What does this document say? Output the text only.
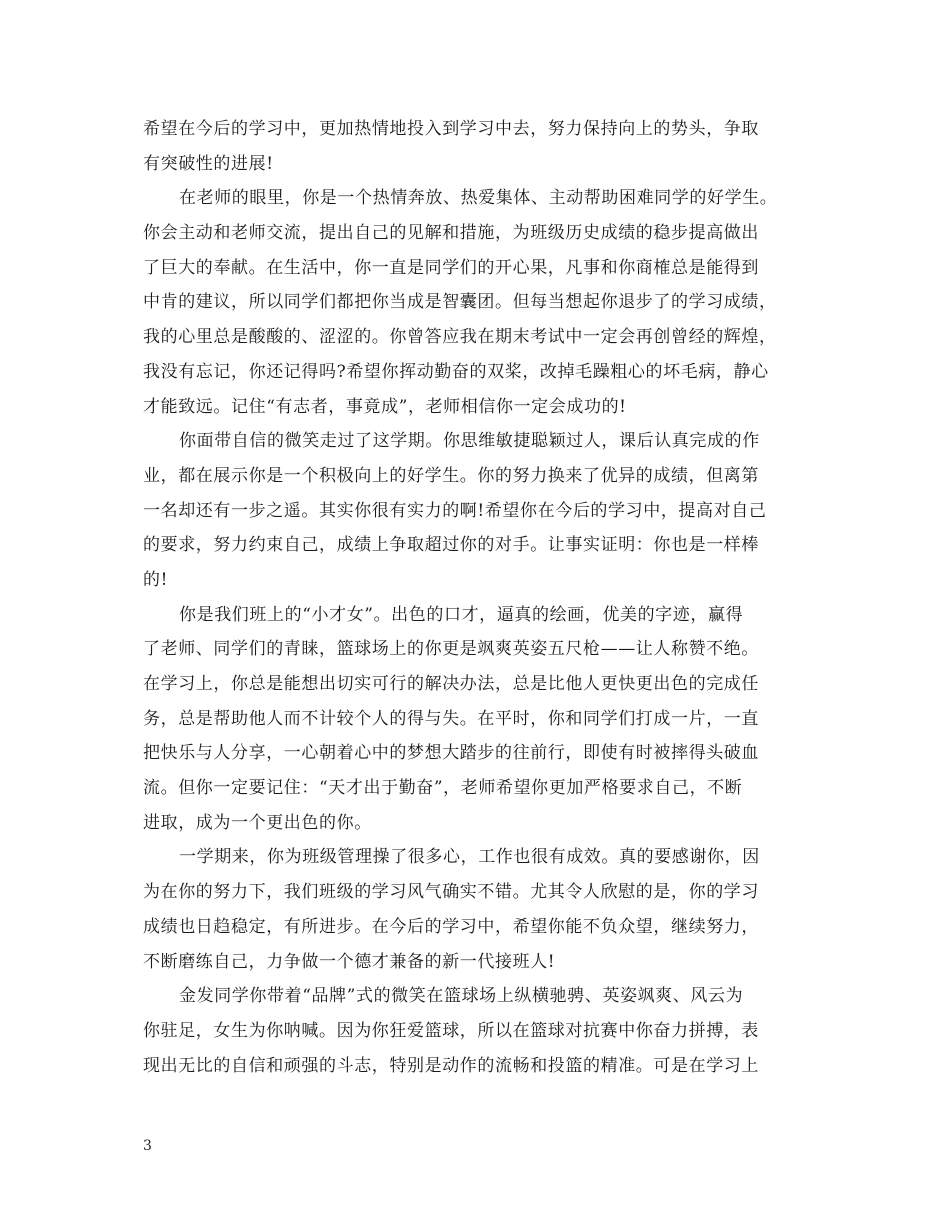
希望在今后的学习中，更加热情地投入到学习中去，努力保持向上的势头，争取
有突破性的进展!
在老师的眼里，你是一个热情奔放、热爱集体、主动帮助困难同学的好学生。
你会主动和老师交流，提出自己的见解和措施，为班级历史成绩的稳步提高做出
了巨大的奉献。在生活中，你一直是同学们的开心果，凡事和你商榷总是能得到
中肯的建议，所以同学们都把你当成是智囊团。但每当想起你退步了的学习成绩，
我的心里总是酸酸的、涩涩的。你曾答应我在期末考试中一定会再创曾经的辉煌，
我没有忘记，你还记得吗?希望你挥动勤奋的双桨，改掉毛躁粗心的坏毛病，静心
才能致远。记住“有志者，事竟成”，老师相信你一定会成功的!
你面带自信的微笑走过了这学期。你思维敏捷聪颖过人，课后认真完成的作
业，都在展示你是一个积极向上的好学生。你的努力换来了优异的成绩，但离第
一名却还有一步之遥。其实你很有实力的啊!希望你在今后的学习中，提高对自己
的要求，努力约束自己，成绩上争取超过你的对手。让事实证明：你也是一样棒
的!
你是我们班上的“小才女”。出色的口才，逼真的绘画，优美的字迹，赢得
了老师、同学们的青睐，篮球场上的你更是飒爽英姿五尺枪——让人称赞不绝。
在学习上，你总是能想出切实可行的解决办法，总是比他人更快更出色的完成任
务，总是帮助他人而不计较个人的得与失。在平时，你和同学们打成一片，一直
把快乐与人分享，一心朝着心中的梦想大踏步的往前行，即使有时被摔得头破血
流。但你一定要记住：“天才出于勤奋”，老师希望你更加严格要求自己，不断
进取，成为一个更出色的你。
一学期来，你为班级管理操了很多心，工作也很有成效。真的要感谢你，因
为在你的努力下，我们班级的学习风气确实不错。尤其令人欣慰的是，你的学习
成绩也日趋稳定，有所进步。在今后的学习中，希望你能不负众望，继续努力，
不断磨练自己，力争做一个德才兼备的新一代接班人!
金发同学你带着“品牌”式的微笑在篮球场上纵横驰骋、英姿飒爽、风云为
你驻足，女生为你呐喊。因为你狂爱篮球，所以在篮球对抗赛中你奋力拼搏，表
现出无比的自信和顽强的斗志，特别是动作的流畅和投篮的精准。可是在学习上
3
